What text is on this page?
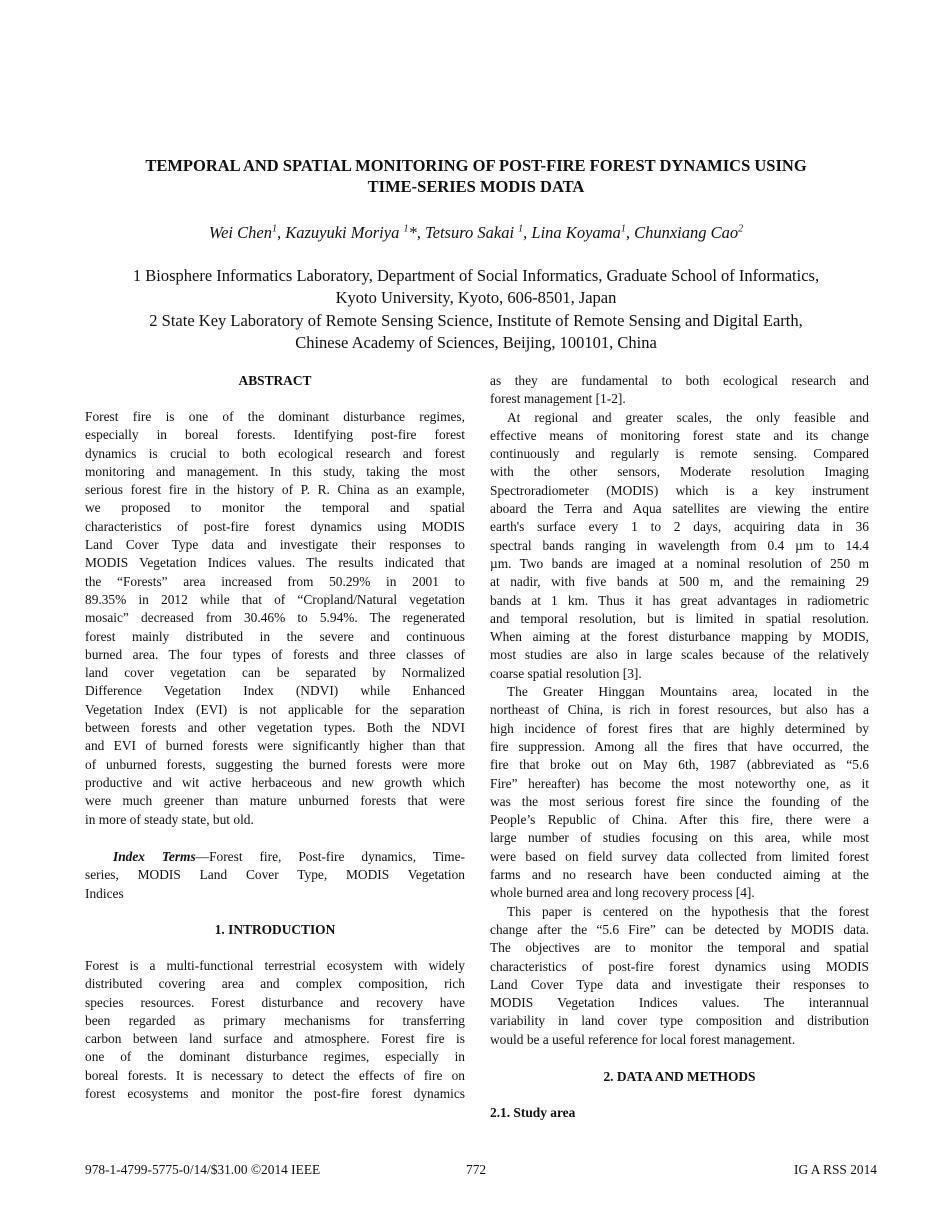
TEMPORAL AND SPATIAL MONITORING OF POST-FIRE FOREST DYNAMICS USING
TIME-SERIES MODIS DATA
Wei Chen$^1$, Kazuyuki Moriya $^1$*, Tetsuro Sakai $^1$, Lina Koyama$^1$, Chunxiang Cao$^2$
1 Biosphere Informatics Laboratory, Department of Social Informatics, Graduate School of Informatics,
Kyoto University, Kyoto, 606-8501, Japan
2 State Key Laboratory of Remote Sensing Science, Institute of Remote Sensing and Digital Earth,
Chinese Academy of Sciences, Beijing, 100101, China
ABSTRACT
Forest fire is one of the dominant disturbance regimes,
especially in boreal forests. Identifying post-fire forest
dynamics is crucial to both ecological research and forest
monitoring and management. In this study, taking the most
serious forest fire in the history of P. R. China as an example,
we proposed to monitor the temporal and spatial
characteristics of post-fire forest dynamics using MODIS
Land Cover Type data and investigate their responses to
MODIS Vegetation Indices values. The results indicated that
the “Forests” area increased from 50.29% in 2001 to
89.35% in 2012 while that of “Cropland/Natural vegetation
mosaic” decreased from 30.46% to 5.94%. The regenerated
forest mainly distributed in the severe and continuous
burned area. The four types of forests and three classes of
land cover vegetation can be separated by Normalized
Difference Vegetation Index (NDVI) while Enhanced
Vegetation Index (EVI) is not applicable for the separation
between forests and other vegetation types. Both the NDVI
and EVI of burned forests were significantly higher than that
of unburned forests, suggesting the burned forests were more
productive and wit active herbaceous and new growth which
were much greener than mature unburned forests that were
in more of steady state, but old.
Index Terms—Forest fire, Post-fire dynamics, Time-
series, MODIS Land Cover Type, MODIS Vegetation
Indices
1. INTRODUCTION
Forest is a multi-functional terrestrial ecosystem with widely
distributed covering area and complex composition, rich
species resources. Forest disturbance and recovery have
been regarded as primary mechanisms for transferring
carbon between land surface and atmosphere. Forest fire is
one of the dominant disturbance regimes, especially in
boreal forests. It is necessary to detect the effects of fire on
forest ecosystems and monitor the post-fire forest dynamics
as they are fundamental to both ecological research and
forest management [1-2].
At regional and greater scales, the only feasible and
effective means of monitoring forest state and its change
continuously and regularly is remote sensing. Compared
with the other sensors, Moderate resolution Imaging
Spectroradiometer (MODIS) which is a key instrument
aboard the Terra and Aqua satellites are viewing the entire
earth's surface every 1 to 2 days, acquiring data in 36
spectral bands ranging in wavelength from 0.4 µm to 14.4
µm. Two bands are imaged at a nominal resolution of 250 m
at nadir, with five bands at 500 m, and the remaining 29
bands at 1 km. Thus it has great advantages in radiometric
and temporal resolution, but is limited in spatial resolution.
When aiming at the forest disturbance mapping by MODIS,
most studies are also in large scales because of the relatively
coarse spatial resolution [3].
The Greater Hinggan Mountains area, located in the
northeast of China, is rich in forest resources, but also has a
high incidence of forest fires that are highly determined by
fire suppression. Among all the fires that have occurred, the
fire that broke out on May 6th, 1987 (abbreviated as “5.6
Fire” hereafter) has become the most noteworthy one, as it
was the most serious forest fire since the founding of the
People’s Republic of China. After this fire, there were a
large number of studies focusing on this area, while most
were based on field survey data collected from limited forest
farms and no research have been conducted aiming at the
whole burned area and long recovery process [4].
This paper is centered on the hypothesis that the forest
change after the “5.6 Fire” can be detected by MODIS data.
The objectives are to monitor the temporal and spatial
characteristics of post-fire forest dynamics using MODIS
Land Cover Type data and investigate their responses to
MODIS Vegetation Indices values. The interannual
variability in land cover type composition and distribution
would be a useful reference for local forest management.
2. DATA AND METHODS
2.1. Study area
978-1-4799-5775-0/14/$31.00 ©2014 IEEE	772	IG A RSS 2014
